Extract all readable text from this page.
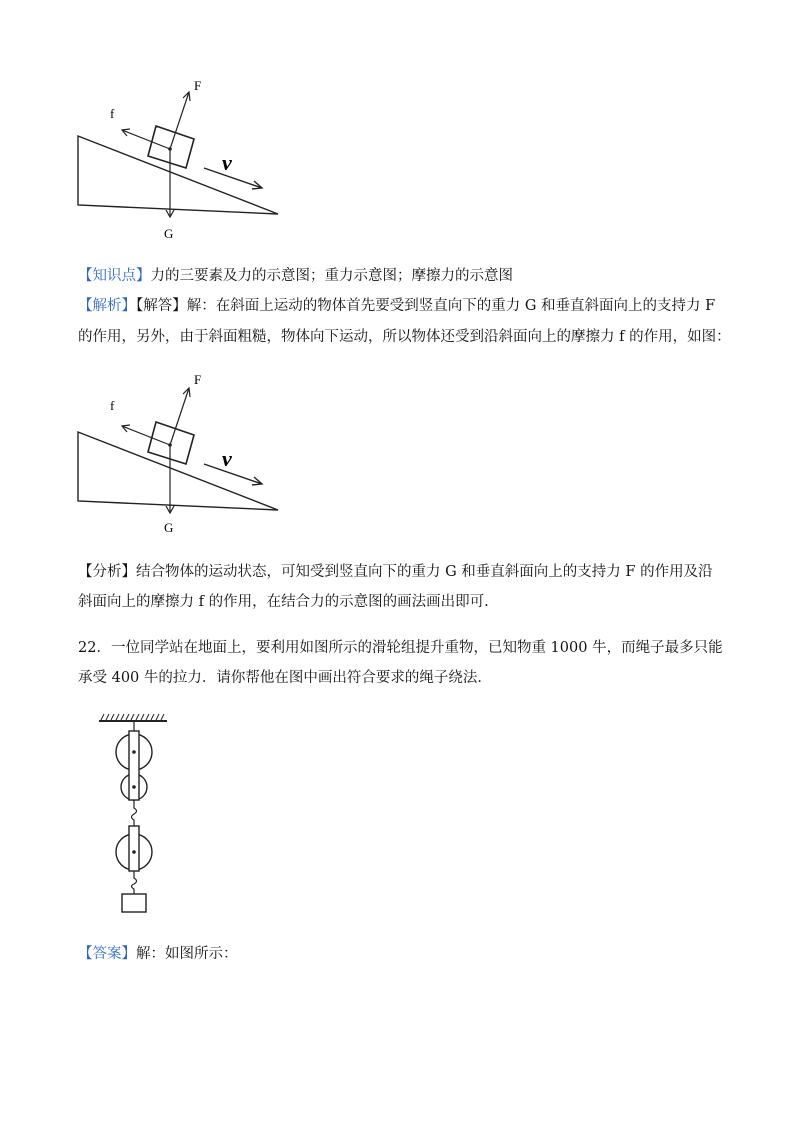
f
F
G
v
【知识点】力的三要素及力的示意图；重力示意图；摩擦力的示意图
【解析】【解答】解：在斜面上运动的物体首先要受到竖直向下的重力 G 和垂直斜面向上的支持力 F
的作用，另外，由于斜面粗糙，物体向下运动，所以物体还受到沿斜面向上的摩擦力 f 的作用，如图：
f
F
G
v
【分析】结合物体的运动状态，可知受到竖直向下的重力 G 和垂直斜面向上的支持力 F 的作用及沿
斜面向上的摩擦力 f 的作用，在结合力的示意图的画法画出即可.
22．一位同学站在地面上，要利用如图所示的滑轮组提升重物，已知物重 1000 牛，而绳子最多只能
承受 400 牛的拉力．请你帮他在图中画出符合要求的绳子绕法．
【答案】解：如图所示：
